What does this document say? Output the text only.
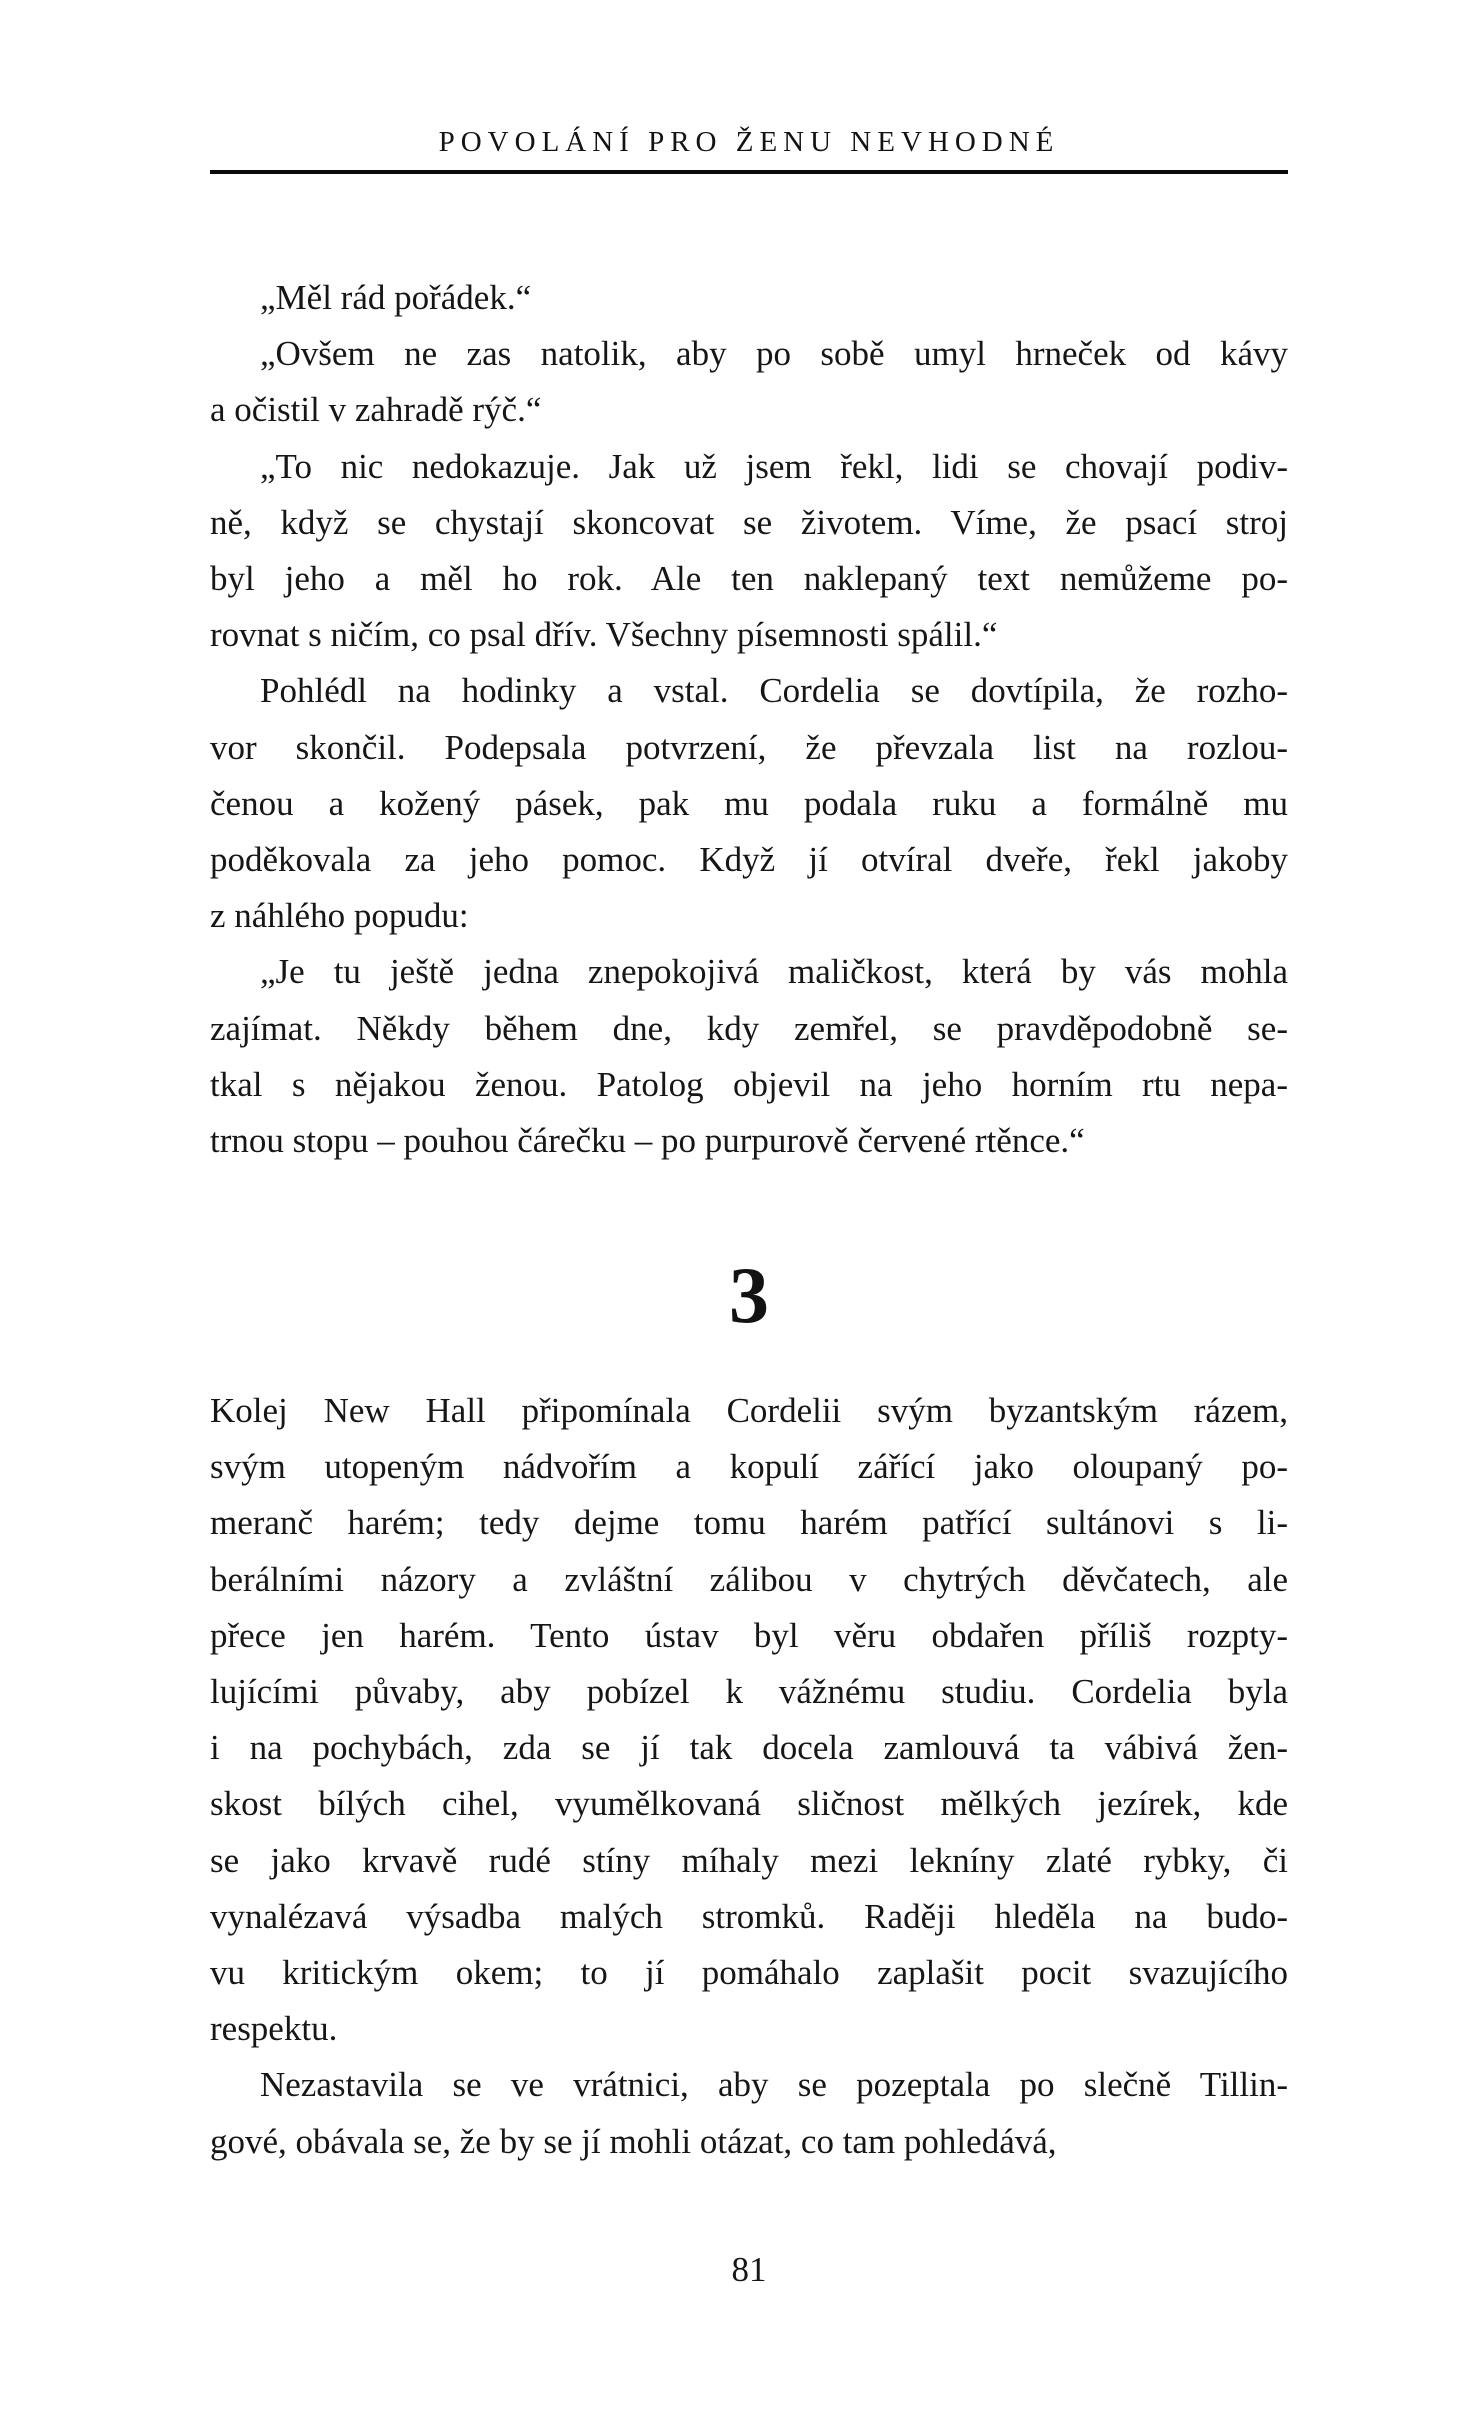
POVOLÁNÍ PRO ŽENU NEVHODNÉ
„Měl rád pořádek.“
„Ovšem ne zas natolik, aby po sobě umyl hrneček od kávy
a očistil v zahradě rýč.“
„To nic nedokazuje. Jak už jsem řekl, lidi se chovají podiv-
ně, když se chystají skoncovat se životem. Víme, že psací stroj
byl jeho a měl ho rok. Ale ten naklepaný text nemůžeme po-
rovnat s ničím, co psal dřív. Všechny písemnosti spálil.“
Pohlédl na hodinky a vstal. Cordelia se dovtípila, že rozho-
vor skončil. Podepsala potvrzení, že převzala list na rozlou-
čenou a kožený pásek, pak mu podala ruku a formálně mu
poděkovala za jeho pomoc. Když jí otvíral dveře, řekl jakoby
z náhlého popudu:
„Je tu ještě jedna znepokojivá maličkost, která by vás mohla
zajímat. Někdy během dne, kdy zemřel, se pravděpodobně se-
tkal s nějakou ženou. Patolog objevil na jeho horním rtu nepa-
trnou stopu – pouhou čárečku – po purpurově červené rtěnce.“
3
Kolej New Hall připomínala Cordelii svým byzantským rázem,
svým utopeným nádvořím a kopulí zářící jako oloupaný po-
meranč harém; tedy dejme tomu harém patřící sultánovi s li-
berálními názory a zvláštní zálibou v chytrých děvčatech, ale
přece jen harém. Tento ústav byl věru obdařen příliš rozpty-
lujícími půvaby, aby pobízel k vážnému studiu. Cordelia byla
i na pochybách, zda se jí tak docela zamlouvá ta vábivá žen-
skost bílých cihel, vyumělkovaná sličnost mělkých jezírek, kde
se jako krvavě rudé stíny míhaly mezi lekníny zlaté rybky, či
vynalézavá výsadba malých stromků. Raději hleděla na budo-
vu kritickým okem; to jí pomáhalo zaplašit pocit svazujícího
respektu.
Nezastavila se ve vrátnici, aby se pozeptala po slečně Tillin-
gové, obávala se, že by se jí mohli otázat, co tam pohledává,
81
